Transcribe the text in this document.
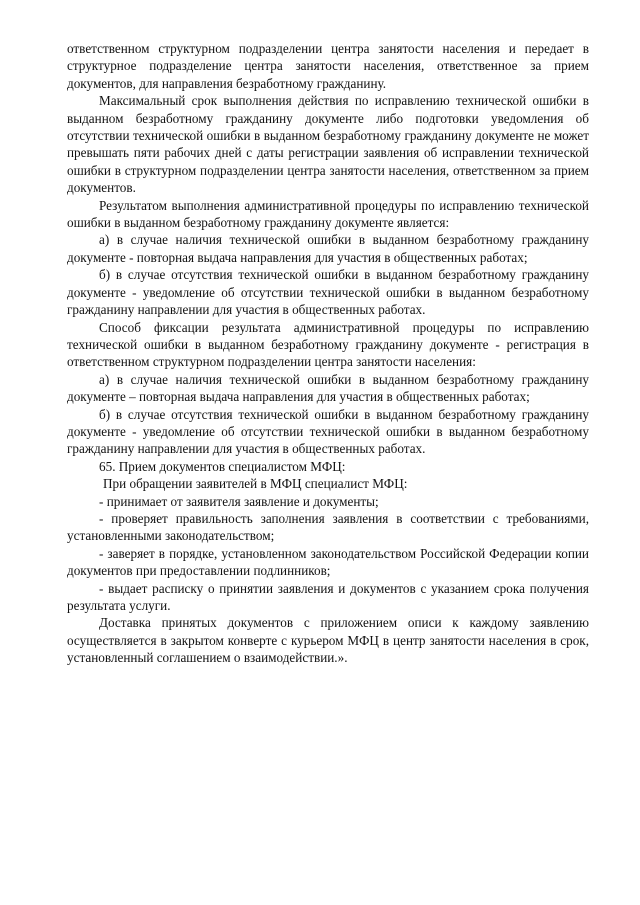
ответственном структурном подразделении центра занятости населения и передает в структурное подразделение центра занятости населения, ответственное за прием документов, для направления безработному гражданину.

Максимальный срок выполнения действия по исправлению технической ошибки в выданном безработному гражданину документе либо подготовки уведомления об отсутствии технической ошибки в выданном безработному гражданину документе не может превышать пяти рабочих дней с даты регистрации заявления об исправлении технической ошибки в структурном подразделении центра занятости населения, ответственном за прием документов.

Результатом выполнения административной процедуры по исправлению технической ошибки в выданном безработному гражданину документе является:

а) в случае наличия технической ошибки в выданном безработному гражданину документе - повторная выдача направления для участия в общественных работах;

б) в случае отсутствия технической ошибки в выданном безработному гражданину документе - уведомление об отсутствии технической ошибки в выданном безработному гражданину направлении для участия в общественных работах.

Способ фиксации результата административной процедуры по исправлению технической ошибки в выданном безработному гражданину документе - регистрация в ответственном структурном подразделении центра занятости населения:

а) в случае наличия технической ошибки в выданном безработному гражданину документе – повторная выдача направления для участия в общественных работах;

б) в случае отсутствия технической ошибки в выданном безработному гражданину документе - уведомление об отсутствии технической ошибки в выданном безработному гражданину направлении для участия в общественных работах.

65. Прием документов специалистом МФЦ:

При обращении заявителей в МФЦ специалист МФЦ:

- принимает от заявителя заявление и документы;

- проверяет правильность заполнения заявления в соответствии с требованиями, установленными законодательством;

- заверяет в порядке, установленном законодательством Российской Федерации копии документов при предоставлении подлинников;

- выдает расписку о принятии заявления и документов с указанием срока получения результата услуги.

Доставка принятых документов с приложением описи к каждому заявлению осуществляется в закрытом конверте с курьером МФЦ в центр занятости населения в срок, установленный соглашением о взаимодействии.».
